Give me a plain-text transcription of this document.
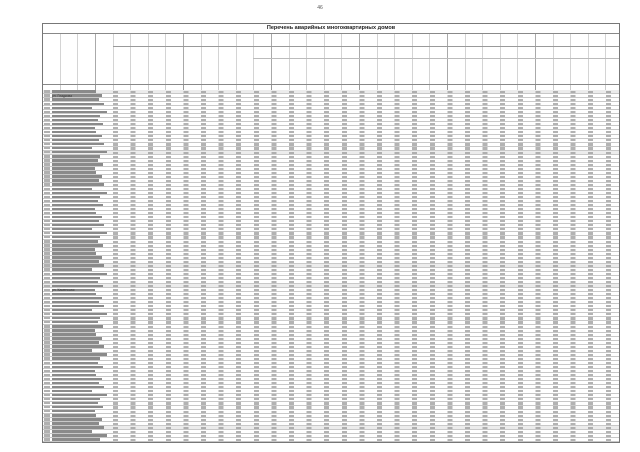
46
Перечень аварийных многоквартирных домов
ул. Гладкова
ул. Каменская
